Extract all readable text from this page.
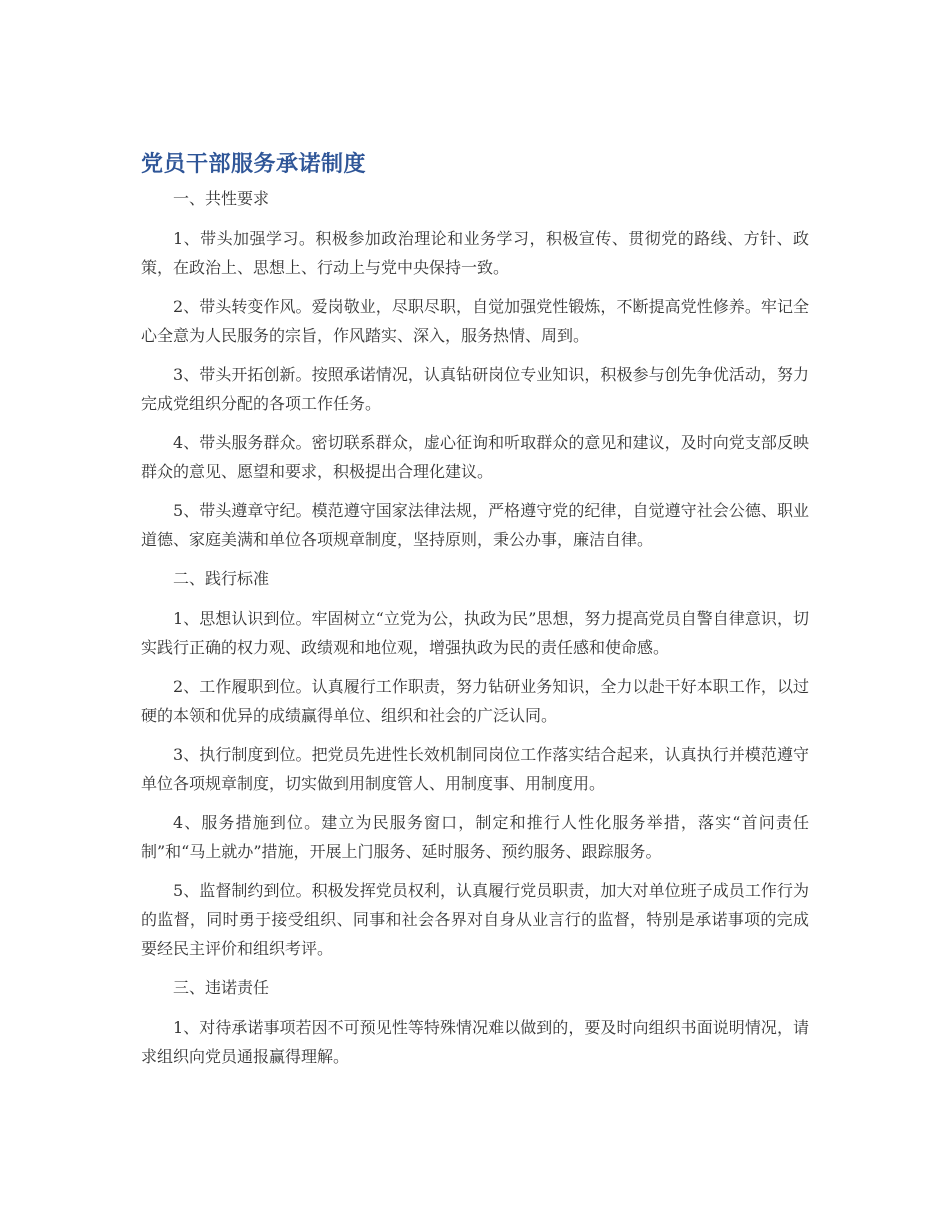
党员干部服务承诺制度

一、共性要求

1、带头加强学习。积极参加政治理论和业务学习，积极宣传、贯彻党的路线、方针、政策，在政治上、思想上、行动上与党中央保持一致。

2、带头转变作风。爱岗敬业，尽职尽职，自觉加强党性锻炼，不断提高党性修养。牢记全心全意为人民服务的宗旨，作风踏实、深入，服务热情、周到。

3、带头开拓创新。按照承诺情况，认真钻研岗位专业知识，积极参与创先争优活动，努力完成党组织分配的各项工作任务。

4、带头服务群众。密切联系群众，虚心征询和听取群众的意见和建议，及时向党支部反映群众的意见、愿望和要求，积极提出合理化建议。

5、带头遵章守纪。模范遵守国家法律法规，严格遵守党的纪律，自觉遵守社会公德、职业道德、家庭美满和单位各项规章制度，坚持原则，秉公办事，廉洁自律。

二、践行标准

1、思想认识到位。牢固树立“立党为公，执政为民”思想，努力提高党员自警自律意识，切实践行正确的权力观、政绩观和地位观，增强执政为民的责任感和使命感。

2、工作履职到位。认真履行工作职责，努力钻研业务知识，全力以赴干好本职工作，以过硬的本领和优异的成绩赢得单位、组织和社会的广泛认同。

3、执行制度到位。把党员先进性长效机制同岗位工作落实结合起来，认真执行并模范遵守单位各项规章制度，切实做到用制度管人、用制度事、用制度用。

4、服务措施到位。建立为民服务窗口，制定和推行人性化服务举措，落实“首问责任制”和“马上就办”措施，开展上门服务、延时服务、预约服务、跟踪服务。

5、监督制约到位。积极发挥党员权利，认真履行党员职责，加大对单位班子成员工作行为的监督，同时勇于接受组织、同事和社会各界对自身从业言行的监督，特别是承诺事项的完成要经民主评价和组织考评。

三、违诺责任

1、对待承诺事项若因不可预见性等特殊情况难以做到的，要及时向组织书面说明情况，请求组织向党员通报赢得理解。
